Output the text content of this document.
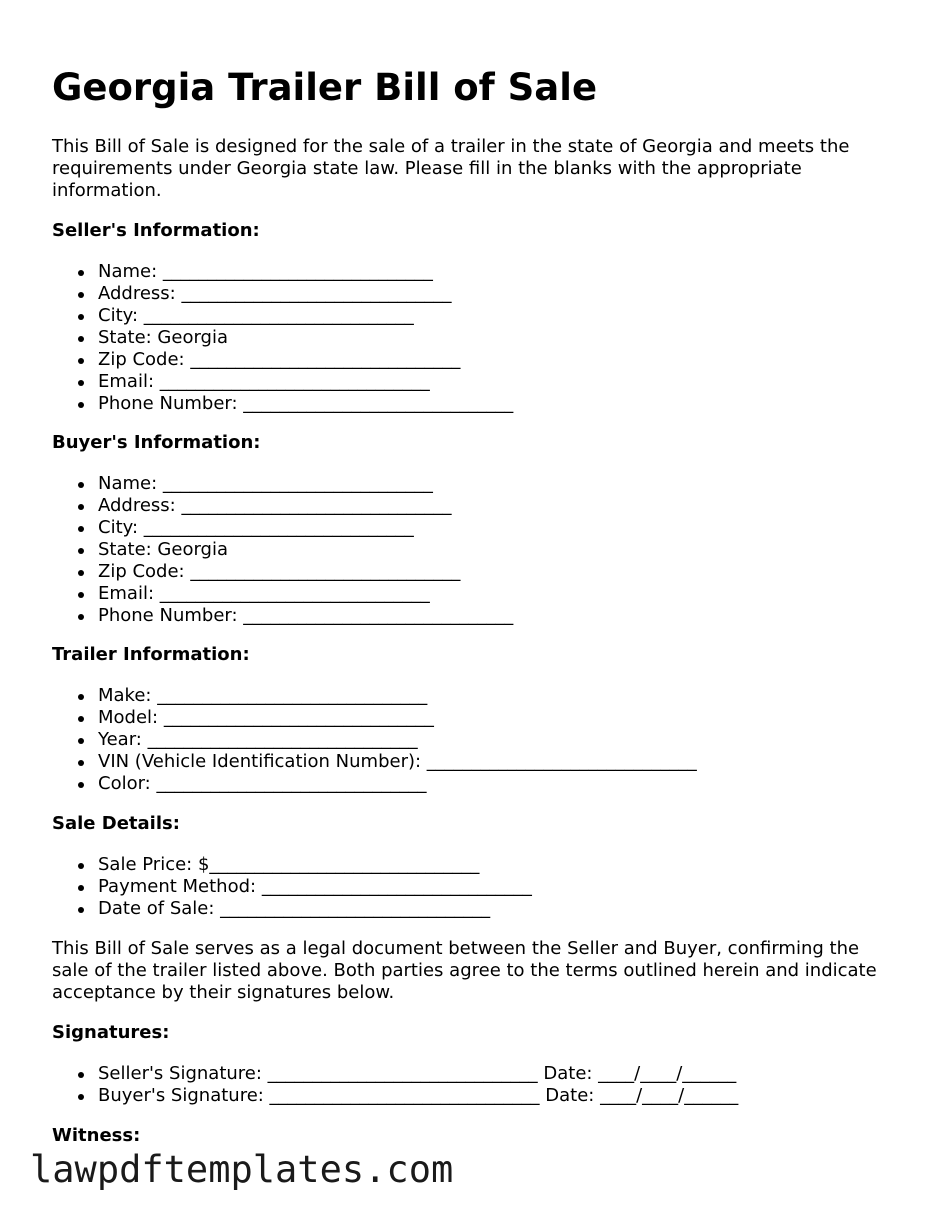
Georgia Trailer Bill of Sale

This Bill of Sale is designed for the sale of a trailer in the state of Georgia and meets the requirements under Georgia state law. Please fill in the blanks with the appropriate information.

Seller's Information:
Name: ______________________________
Address: ______________________________
City: ______________________________
State: Georgia
Zip Code: ______________________________
Email: ______________________________
Phone Number: ______________________________
Buyer's Information:
Name: ______________________________
Address: ______________________________
City: ______________________________
State: Georgia
Zip Code: ______________________________
Email: ______________________________
Phone Number: ______________________________
Trailer Information:
Make: ______________________________
Model: ______________________________
Year: ______________________________
VIN (Vehicle Identification Number): ______________________________
Color: ______________________________
Sale Details:
Sale Price: $______________________________
Payment Method: ______________________________
Date of Sale: ______________________________

This Bill of Sale serves as a legal document between the Seller and Buyer, confirming the sale of the trailer listed above. Both parties agree to the terms outlined herein and indicate acceptance by their signatures below.

Signatures:
Seller's Signature: ______________________________ Date: ____/____/______
Buyer's Signature: ______________________________ Date: ____/____/______
Witness:

lawpdftemplates.com
